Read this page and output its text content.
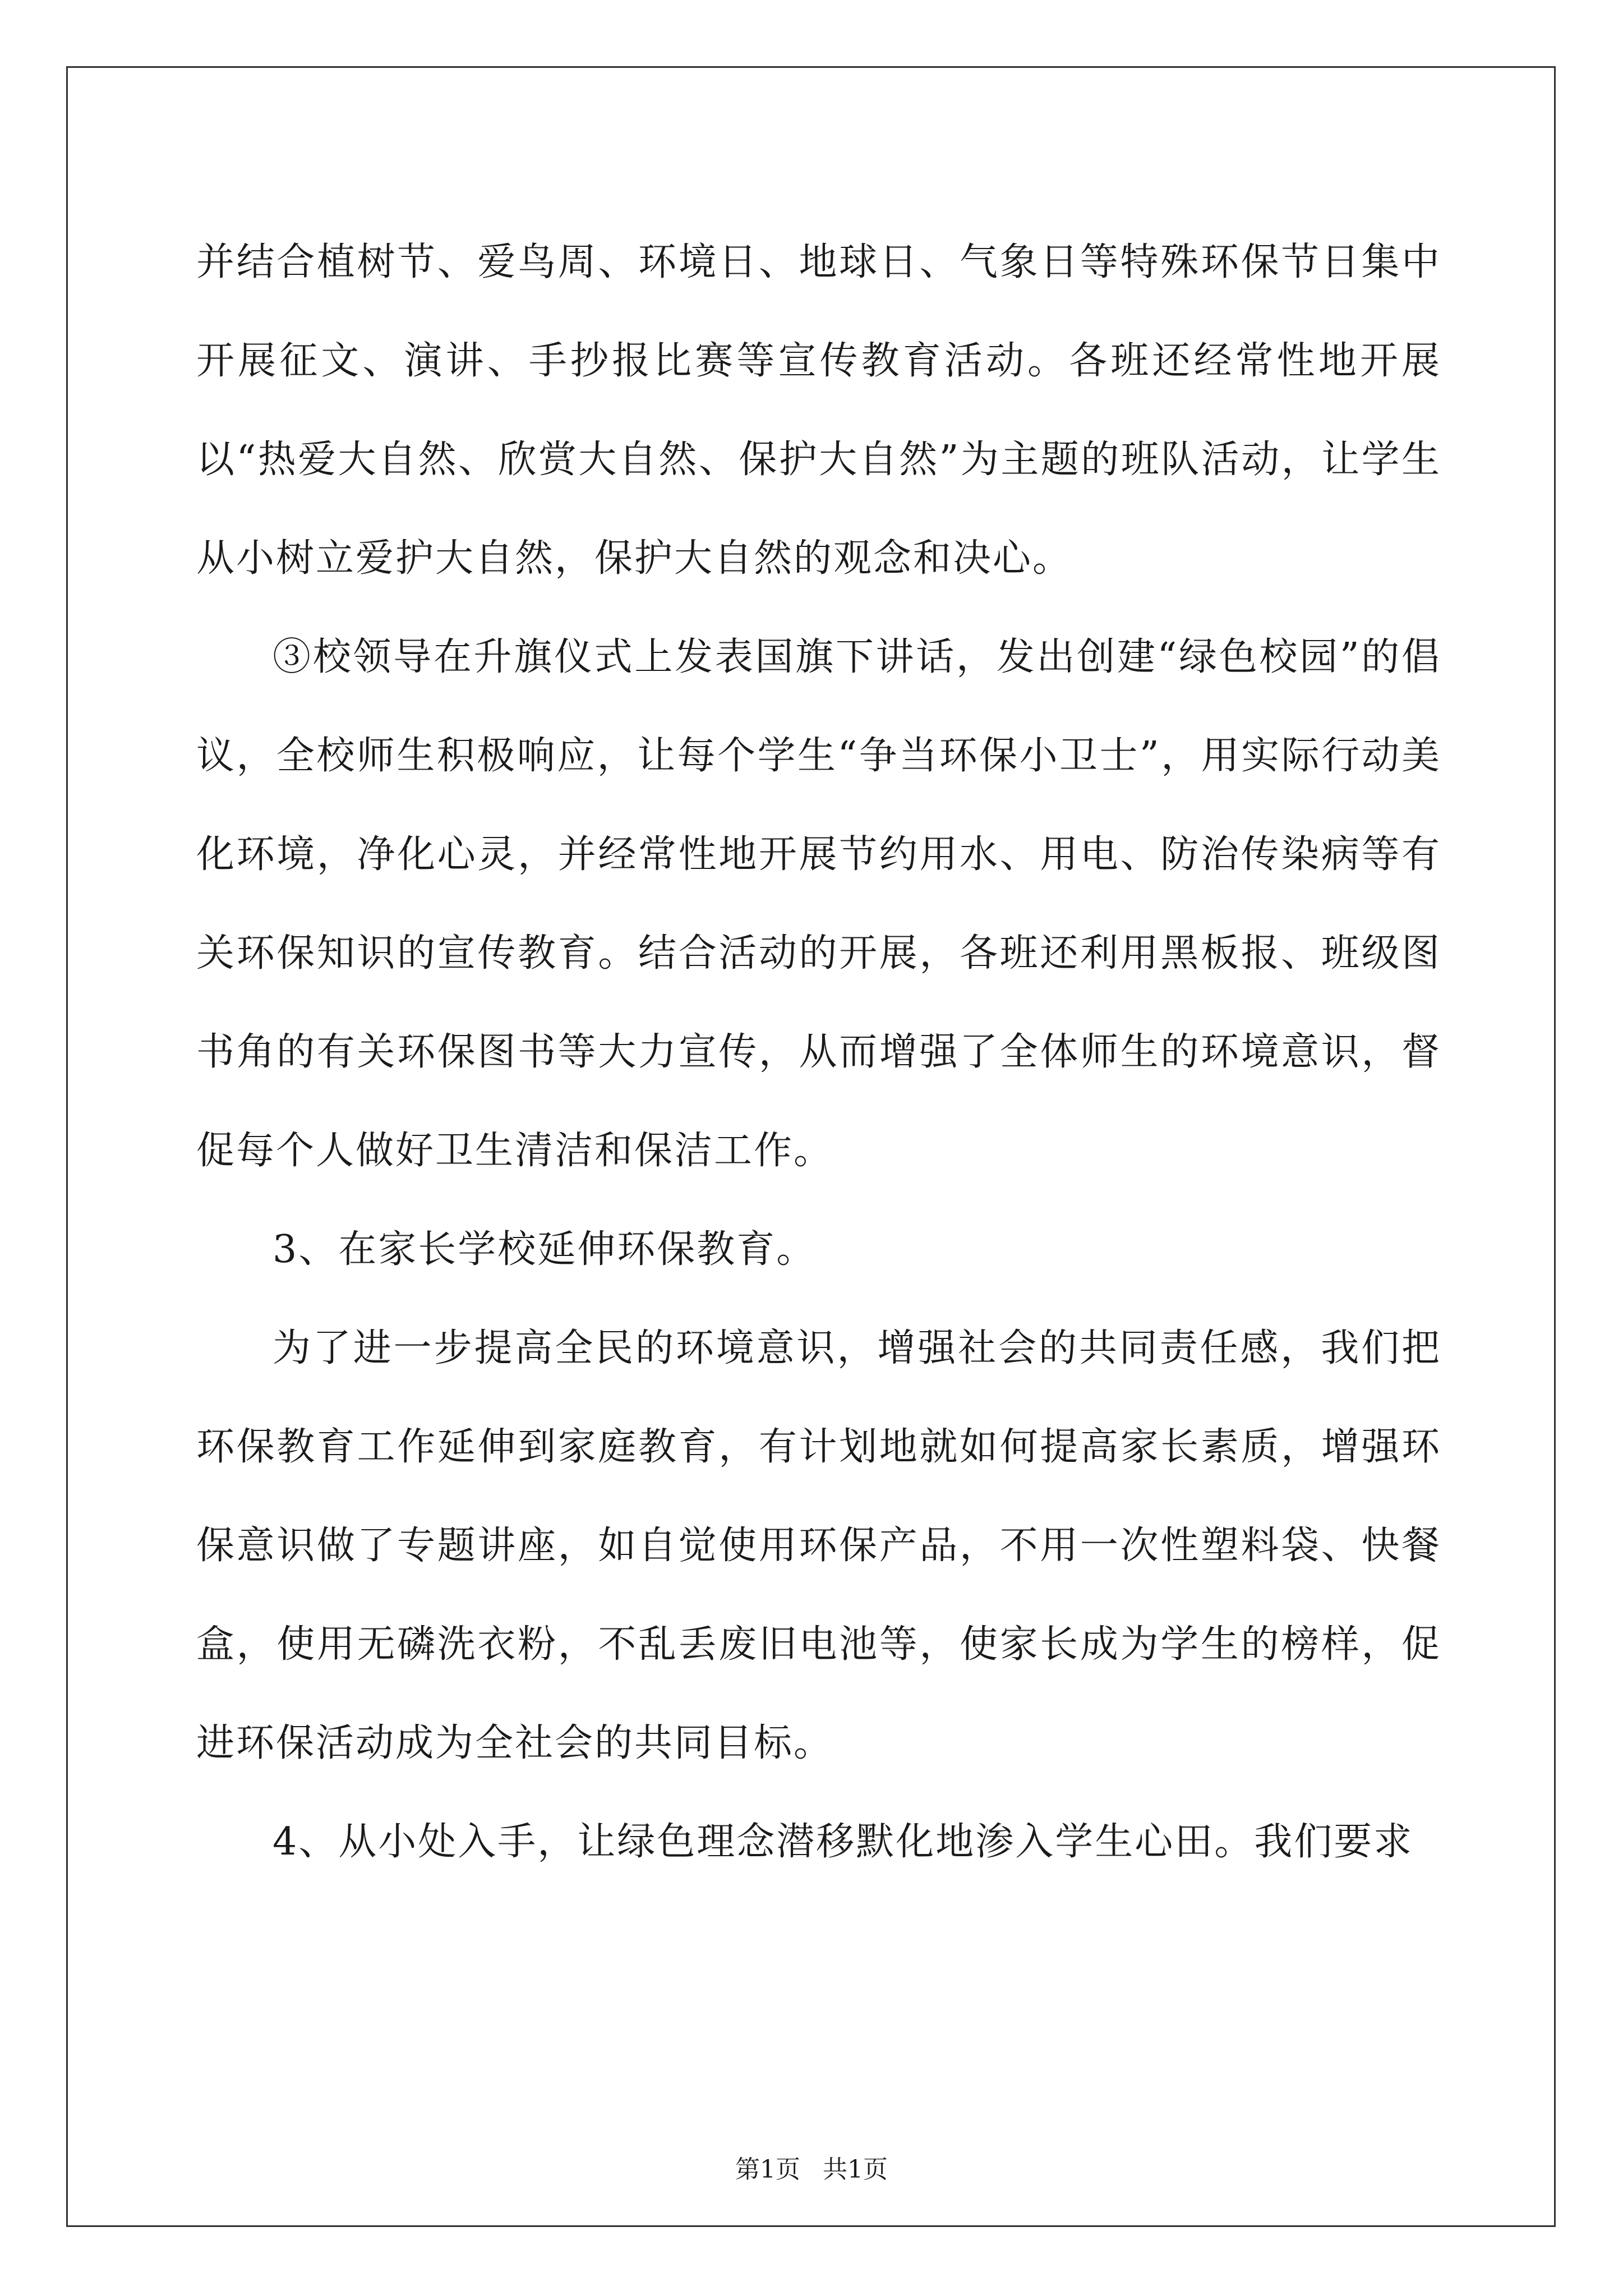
并结合植树节、爱鸟周、环境日、地球日、气象日等特殊环保节日集中开展征文、演讲、手抄报比赛等宣传教育活动。各班还经常性地开展以“热爱大自然、欣赏大自然、保护大自然”为主题的班队活动，让学生从小树立爱护大自然，保护大自然的观念和决心。

③校领导在升旗仪式上发表国旗下讲话，发出创建“绿色校园”的倡议，全校师生积极响应，让每个学生“争当环保小卫士”，用实际行动美化环境，净化心灵，并经常性地开展节约用水、用电、防治传染病等有关环保知识的宣传教育。结合活动的开展，各班还利用黑板报、班级图书角的有关环保图书等大力宣传，从而增强了全体师生的环境意识，督促每个人做好卫生清洁和保洁工作。

3、在家长学校延伸环保教育。

为了进一步提高全民的环境意识，增强社会的共同责任感，我们把环保教育工作延伸到家庭教育，有计划地就如何提高家长素质，增强环保意识做了专题讲座，如自觉使用环保产品，不用一次性塑料袋、快餐盒，使用无磷洗衣粉，不乱丢废旧电池等，使家长成为学生的榜样，促进环保活动成为全社会的共同目标。

4、从小处入手，让绿色理念潜移默化地渗入学生心田。我们要求

第1页 共1页
